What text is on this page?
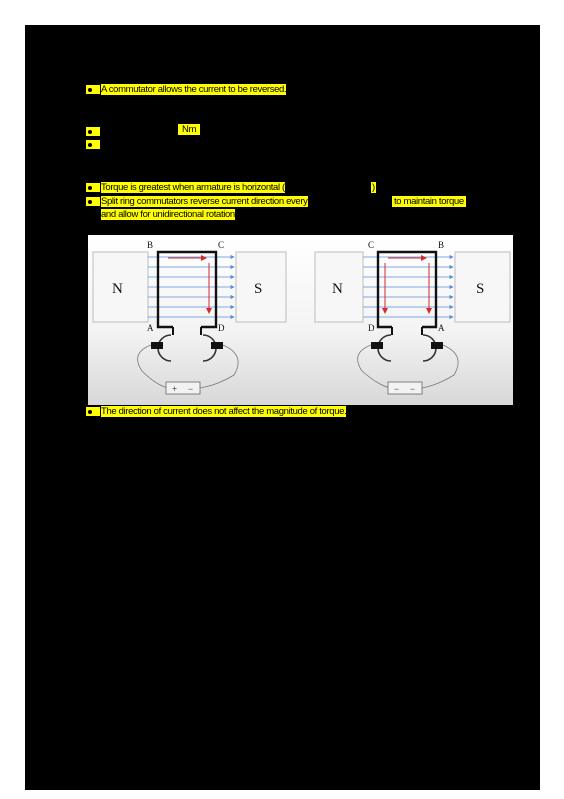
A commutator allows the current to be reversed.
Nm
Torque is greatest when armature is horizontal (	)
Split ring commutators reverse current direction every	to maintain torque
and allow for unidirectional rotation
N	S
B	C
A	D
+ −
N	S
C	B
D	A
− −
The direction of current does not affect the magnitude of torque.
